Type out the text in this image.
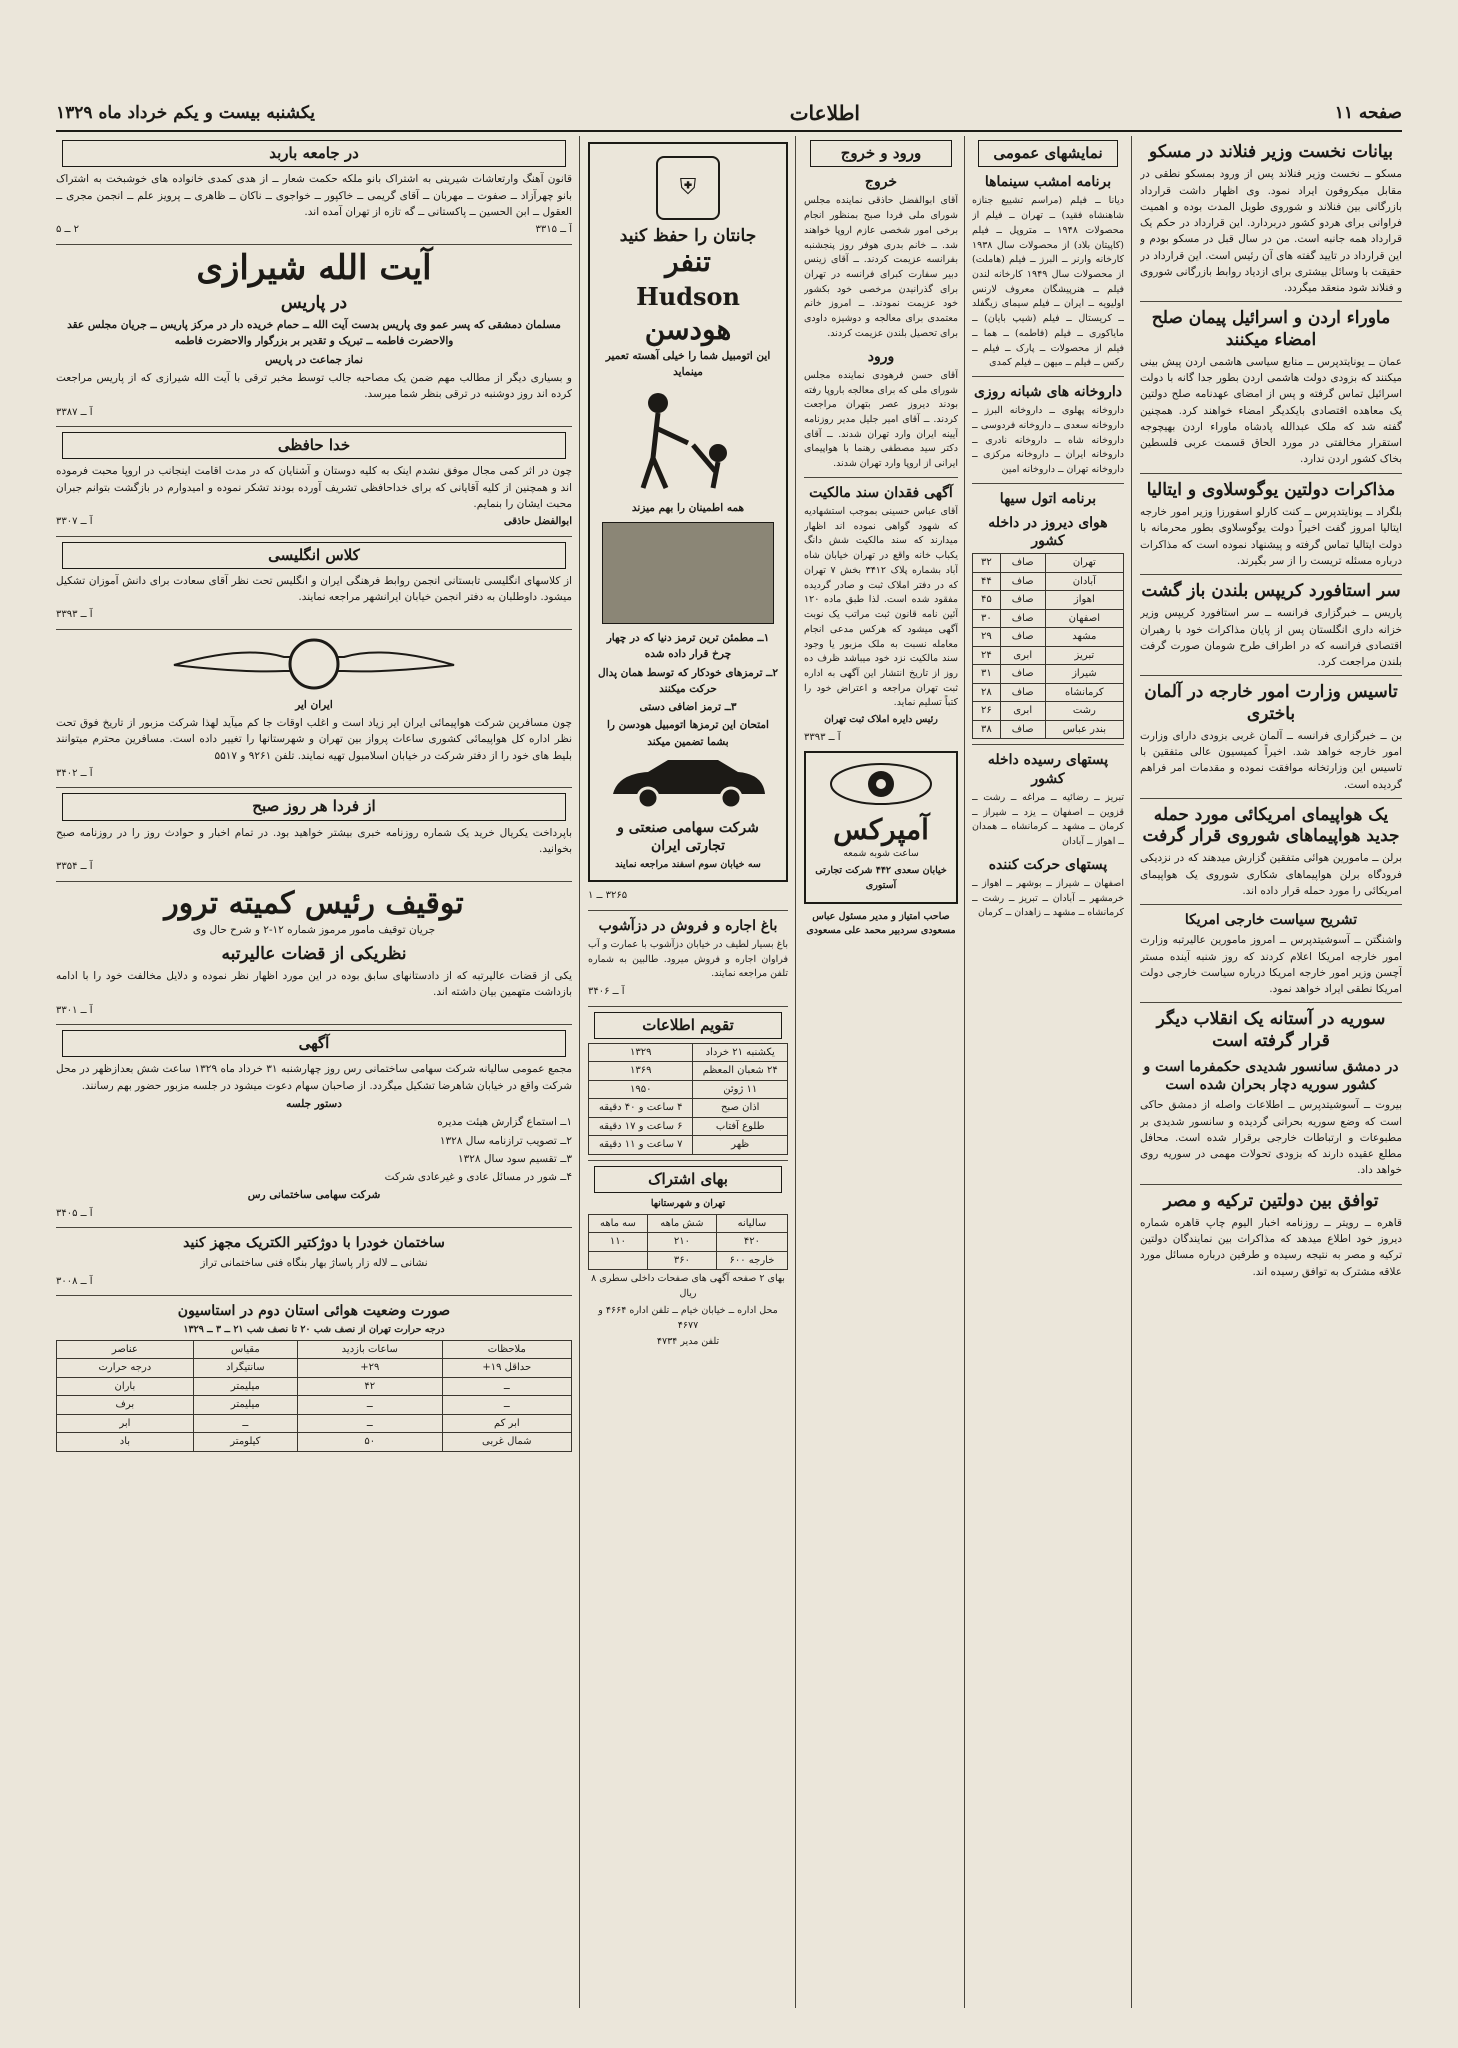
صفحه ۱۱
اطلاعات
یکشنبه بیست و یکم خرداد ماه ۱۳۲۹
بیانات نخست وزیر فنلاند در مسکو

مسکو ــ نخست وزیر فنلاند پس از ورود بمسکو نطقی در مقابل میکروفون ایراد نمود. وی اظهار داشت قرارداد بازرگانی بین فنلاند و شوروی طویل المدت بوده و اهمیت فراوانی برای هردو کشور دربردارد. این قرارداد در حکم یک قرارداد همه جانبه است. من در سال قبل در مسکو بودم و این قرارداد در تایید گفته های آن رئیس است. این قرارداد در حقیقت با وسائل بیشتری برای ازدیاد روابط بازرگانی شوروی و فنلاند شود منعقد میگردد.

ماوراء اردن و اسرائیل پیمان صلح امضاء میکنند

عمان ــ یونایتدپرس ــ منابع سیاسی هاشمی اردن پیش بینی میکنند که بزودی دولت هاشمی اردن بطور جدا گانه با دولت اسرائیل تماس گرفته و پس از امضای عهدنامه صلح دولتین یک معاهده اقتصادی بایکدیگر امضاء خواهند کرد. همچنین گفته شد که ملک عبدالله پادشاه ماوراء اردن بهیچوجه استقرار مخالفتی در مورد الحاق قسمت عربی فلسطین بخاک کشور اردن ندارد.

مذاکرات دولتین یوگوسلاوی و ایتالیا

بلگراد ــ یونایتدپرس ــ کنت کارلو اسفورزا وزیر امور خارجه ایتالیا امروز گفت اخیراً دولت یوگوسلاوی بطور محرمانه با دولت ایتالیا تماس گرفته و پیشنهاد نموده است که مذاکرات درباره مسئله تریست را از سر بگیرند.

سر استافورد کریپس بلندن باز گشت

پاریس ــ خبرگزاری فرانسه ــ سر استافورد کریپس وزیر خزانه داری انگلستان پس از پایان مذاکرات خود با رهبران اقتصادی فرانسه که در اطراف طرح شومان صورت گرفت بلندن مراجعت کرد.

تاسیس وزارت امور خارجه در آلمان باختری

بن ــ خبرگزاری فرانسه ــ آلمان غربی بزودی دارای وزارت امور خارجه خواهد شد. اخیراً کمیسیون عالی متفقین با تاسیس این وزارتخانه موافقت نموده و مقدمات امر فراهم گردیده است.

یک هواپیمای امریکائی مورد حمله جدید هواپیماهای شوروی قرار گرفت

برلن ــ مامورین هوائی متفقین گزارش میدهند که در نزدیکی فرودگاه برلن هواپیماهای شکاری شوروی یک هواپیمای امریکائی را مورد حمله قرار داده اند.

تشریح سیاست خارجی امریکا

واشنگتن ــ آسوشیتدپرس ــ امروز مامورین عالیرتبه وزارت امور خارجه امریکا اعلام کردند که روز شنبه آینده مستر آچسن وزیر امور خارجه امریکا درباره سیاست خارجی دولت امریکا نطقی ایراد خواهد نمود.

سوریه در آستانه یک انقلاب دیگر قرار گرفته است
در دمشق سانسور شدیدی حکمفرما است و کشور سوریه دچار بحران شده است

بیروت ــ آسوشیتدپرس ــ اطلاعات واصله از دمشق حاکی است که وضع سوریه بحرانی گردیده و سانسور شدیدی بر مطبوعات و ارتباطات خارجی برقرار شده است. محافل مطلع عقیده دارند که بزودی تحولات مهمی در سوریه روی خواهد داد.

توافق بین دولتین ترکیه و مصر

قاهره ــ رویتر ــ روزنامه اخبار الیوم چاپ قاهره شماره دیروز خود اطلاع میدهد که مذاکرات بین نمایندگان دولتین ترکیه و مصر به نتیجه رسیده و طرفین درباره مسائل مورد علاقه مشترک به توافق رسیده اند.

نمایشهای عمومی
برنامه امشب سینماها

دیانا ــ فیلم (مراسم تشییع جنازه شاهنشاه فقید) ــ تهران ــ فیلم از محصولات ۱۹۴۸ ــ متروپل ــ فیلم (کاپیتان بلاد) از محصولات سال ۱۹۳۸ کارخانه وارنر ــ البرز ــ فیلم (هاملت) از محصولات سال ۱۹۴۹ کارخانه لندن فیلم ــ هنرپیشگان معروف لارنس اولیویه ــ ایران ــ فیلم سیمای زیگفلد ــ کریستال ــ فیلم (شیپ بایان) ــ مایاکوری ــ فیلم (فاطمه) ــ هما ــ فیلم از محصولات ــ پارک ــ فیلم ــ رکس ــ فیلم ــ میهن ــ فیلم کمدی

داروخانه های شبانه روزی

داروخانه پهلوی ــ داروخانه البرز ــ داروخانه سعدی ــ داروخانه فردوسی ــ داروخانه شاه ــ داروخانه نادری ــ داروخانه ایران ــ داروخانه مرکزی ــ داروخانه تهران ــ داروخانه امین

برنامه اتول سیها
هوای دیروز در داخله کشور
تهران	صاف	۳۲
آبادان	صاف	۴۴
اهواز	صاف	۴۵
اصفهان	صاف	۳۰
مشهد	صاف	۲۹
تبریز	ابری	۲۴
شیراز	صاف	۳۱
کرمانشاه	صاف	۲۸
رشت	ابری	۲۶
بندر عباس	صاف	۳۸
پستهای رسیده داخله کشور

تبریز ــ رضائیه ــ مراغه ــ رشت ــ قزوین ــ اصفهان ــ یزد ــ شیراز ــ کرمان ــ مشهد ــ کرمانشاه ــ همدان ــ اهواز ــ آبادان

پستهای حرکت کننده

اصفهان ــ شیراز ــ بوشهر ــ اهواز ــ خرمشهر ــ آبادان ــ تبریز ــ رشت ــ کرمانشاه ــ مشهد ــ زاهدان ــ کرمان

ورود و خروج
خروج

آقای ابوالفضل حاذقی نماینده مجلس شورای ملی فردا صبح بمنظور انجام برخی امور شخصی عازم اروپا خواهند شد. ــ خانم بدری هوفر روز پنجشنبه بفرانسه عزیمت کردند. ــ آقای زینس دبیر سفارت کبرای فرانسه در تهران برای گذرانیدن مرخصی خود بکشور خود عزیمت نمودند. ــ امروز خانم معتمدی برای معالجه و دوشیزه داودی برای تحصیل بلندن عزیمت کردند.

ورود

آقای حسن فرهودی نماینده مجلس شورای ملی که برای معالجه باروپا رفته بودند دیروز عصر بتهران مراجعت کردند. ــ آقای امیر جلیل مدیر روزنامه آیینه ایران وارد تهران شدند. ــ آقای دکتر سید مصطفی رهنما با هواپیمای ایرانی از اروپا وارد تهران شدند.

آگهی فقدان سند مالکیت

آقای عباس حسینی بموجب استشهادیه که شهود گواهی نموده اند اظهار میدارند که سند مالکیت شش دانگ یکباب خانه واقع در تهران خیابان شاه آباد بشماره پلاک ۳۴۱۲ بخش ۷ تهران که در دفتر املاک ثبت و صادر گردیده مفقود شده است. لذا طبق ماده ۱۲۰ آئین نامه قانون ثبت مراتب یک نوبت آگهی میشود که هرکس مدعی انجام معامله نسبت به ملک مزبور یا وجود سند مالکیت نزد خود میباشد ظرف ده روز از تاریخ انتشار این آگهی به اداره ثبت تهران مراجعه و اعتراض خود را کتباً تسلیم نماید.

رئیس دایره املاک ثبت تهران

آ ــ ۳۳۹۳

آمپرکس

ساعت شوبه شمعه

خیابان سعدی ۴۴۲ شرکت تجارتی آستوری

صاحب امتیاز و مدیر مسئول عباس مسعودی سردبیر محمد علی مسعودی

⛨
جانتان را حفظ کنید
تنفر
Hudson
هودسن

این اتومبیل شما را خیلی آهسته تعمیر مینماید

همه اطمینان را بهم میزند

۱ــ مطمئن ترین ترمز دنیا که در چهار چرخ قرار داده شده

۲ــ ترمزهای خودکار که توسط همان پدال حرکت میکنند

۳ــ ترمز اضافی دستی

امتحان این ترمزها اتومبیل هودسن را بشما تضمین میکند

شرکت سهامی صنعتی و تجارتی ایران

سه خیابان سوم اسفند مراجعه نمایند

۳۲۶۵ ــ ۱

باغ اجاره و فروش در دزآشوب

باغ بسیار لطیف در خیابان دزآشوب با عمارت و آب فراوان اجاره و فروش میرود. طالبین به شماره تلفن مراجعه نمایند.

آ ــ ۳۴۰۶

تقویم اطلاعات
یکشنبه ۲۱ خرداد	۱۳۲۹
۲۴ شعبان المعظم	۱۳۶۹
۱۱ ژوئن	۱۹۵۰
اذان صبح	۴ ساعت و ۴۰ دقیقه
طلوع آفتاب	۶ ساعت و ۱۷ دقیقه
ظهر	۷ ساعت و ۱۱ دقیقه
بهای اشتراک

تهران و شهرستانها

سالیانه	شش ماهه	سه ماهه
۴۲۰	۲۱۰	۱۱۰
خارجه ۶۰۰	۳۶۰	

بهای ۲ صفحه آگهی های صفحات داخلی سطری ۸ ریال

محل اداره ــ خیابان خیام ــ تلفن اداره ۴۶۶۴ و ۴۶۷۷

تلفن مدیر ۴۷۳۴

در جامعه باربد

قانون آهنگ وارتعاشات شیرینی به اشتراک بانو ملکه حکمت شعار ــ از هدی کمدی خانواده های خوشبخت به اشتراک بانو چهرآزاد ــ صفوت ــ مهربان ــ آقای گریمی ــ خاکپور ــ خواجوی ــ ناکان ــ ظاهری ــ پرویز علم ــ انجمن مجری ــ العقول ــ ابن الحسین ــ پاکستانی ــ گه تازه از تهران آمده اند.

آ ــ ۳۳۱۵
۲ ــ ۵
آیت الله شیرازی
در پاریس

مسلمان دمشقی که پسر عمو وی پاریس بدست آیت الله ــ حمام خریده دار در مرکز پاریس ــ جریان مجلس عقد والاحضرت فاطمه ــ تبریک و تقدیر بر بزرگوار والاحضرت فاطمه

نماز جماعت در پاریس

و بسیاری دیگر از مطالب مهم ضمن یک مصاحبه جالب توسط مخبر ترقی با آیت الله شیرازی که از پاریس مراجعت کرده اند روز دوشنبه در ترقی بنظر شما میرسد.

آ ــ ۳۳۸۷

خدا حافظی

چون در اثر کمی مجال موفق نشدم اینک به کلیه دوستان و آشنایان که در مدت اقامت اینجانب در اروپا محبت فرموده اند و همچنین از کلیه آقایانی که برای خداحافظی تشریف آورده بودند تشکر نموده و امیدوارم در بازگشت بتوانم جبران محبت ایشان را بنمایم.

ابوالفضل حاذقی
آ ــ ۳۳۰۷
کلاس انگلیسی

از کلاسهای انگلیسی تابستانی انجمن روابط فرهنگی ایران و انگلیس تحت نظر آقای سعادت برای دانش آموزان تشکیل میشود. داوطلبان به دفتر انجمن خیابان ایرانشهر مراجعه نمایند.

آ ــ ۳۳۹۳

ایران ایر

چون مسافرین شرکت هواپیمائی ایران ایر زیاد است و اغلب اوقات جا کم میآید لهذا شرکت مزبور از تاریخ فوق تحت نظر اداره کل هواپیمائی کشوری ساعات پرواز بین تهران و شهرستانها را تغییر داده است. مسافرین محترم میتوانند بلیط های خود را از دفتر شرکت در خیابان اسلامبول تهیه نمایند. تلفن ۹۲۶۱ و ۵۵۱۷

آ ــ ۳۴۰۲

از فردا هر روز صبح

باپرداخت یکریال خرید یک شماره روزنامه خبری بیشتر خواهید بود. در تمام اخبار و حوادث روز را در روزنامه صبح بخوانید.

آ ــ ۳۳۵۴

توقیف رئیس کمیته ترور

جریان توقیف مامور مرموز شماره ۱۲-۲ و شرح حال وی

نظریکی از قضات عالیرتبه

یکی از قضات عالیرتبه که از دادستانهای سابق بوده در این مورد اظهار نظر نموده و دلایل مخالفت خود را با ادامه بازداشت متهمین بیان داشته اند.

آ ــ ۳۳۰۱

آگهی

مجمع عمومی سالیانه شرکت سهامی ساختمانی رس روز چهارشنبه ۳۱ خرداد ماه ۱۳۲۹ ساعت شش بعدازظهر در محل شرکت واقع در خیابان شاهرضا تشکیل میگردد. از صاحبان سهام دعوت میشود در جلسه مزبور حضور بهم رسانند.

دستور جلسه

۱ــ استماع گزارش هیئت مدیره

۲ــ تصویب ترازنامه سال ۱۳۲۸

۳ــ تقسیم سود سال ۱۳۲۸

۴ــ شور در مسائل عادی و غیرعادی شرکت

شرکت سهامی ساختمانی رس

آ ــ ۳۴۰۵

ساختمان خودرا با دوژکتیر الکتریک مجهز کنید

نشانی ــ لاله زار پاساژ بهار بنگاه فنی ساختمانی تراز

آ ــ ۳۰۰۸

صورت وضعیت هوائی استان دوم در استاسیون

درجه حرارت تهران از نصف شب ۲۰ تا نصف شب ۲۱ ــ ۳ ــ ۱۳۲۹

ملاحظات	ساعات بازدید	مقیاس	عناصر
حداقل ۱۹+	۲۹+	سانتیگراد	درجه حرارت
ــ	۴۲	میلیمتر	باران
ــ	ــ	میلیمتر	برف
ابر کم	ــ	ــ	ابر
شمال غربی	۵۰	کیلومتر	باد
